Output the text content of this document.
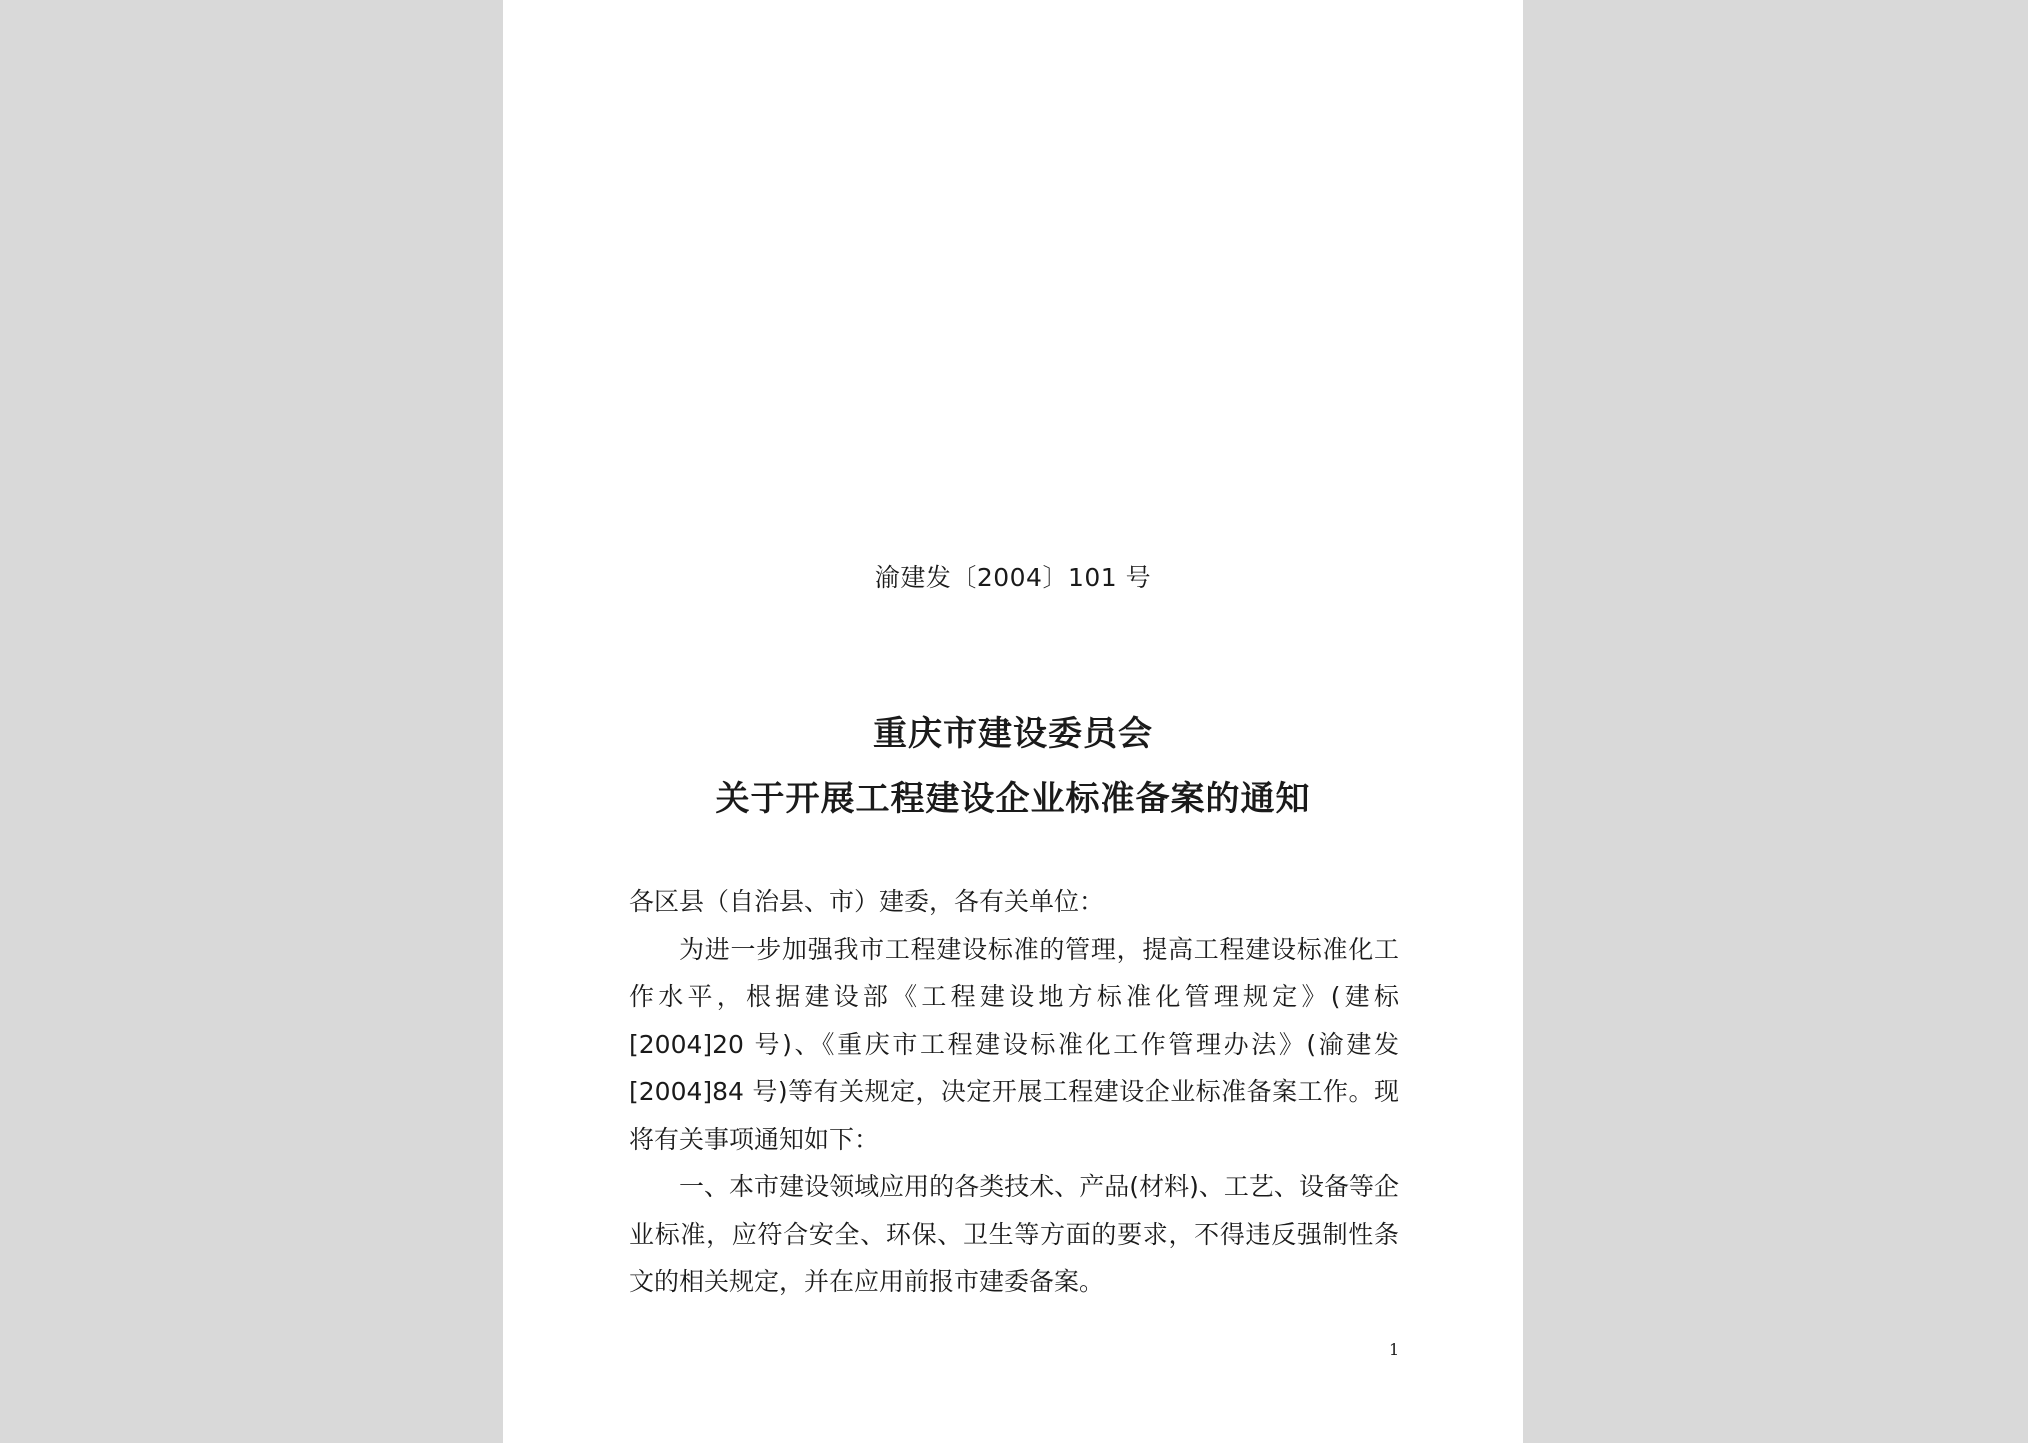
渝建发〔2004〕101 号
重庆市建设委员会
关于开展工程建设企业标准备案的通知

各区县（自治县、市）建委，各有关单位：

为进一步加强我市工程建设标准的管理，提高工程建设标准化工作水平，根据建设部《工程建设地方标准化管理规定》(建标[2004]20 号)、《重庆市工程建设标准化工作管理办法》(渝建发[2004]84 号)等有关规定，决定开展工程建设企业标准备案工作。现将有关事项通知如下：

一、本市建设领域应用的各类技术、产品(材料)、工艺、设备等企业标准，应符合安全、环保、卫生等方面的要求，不得违反强制性条文的相关规定，并在应用前报市建委备案。

1
